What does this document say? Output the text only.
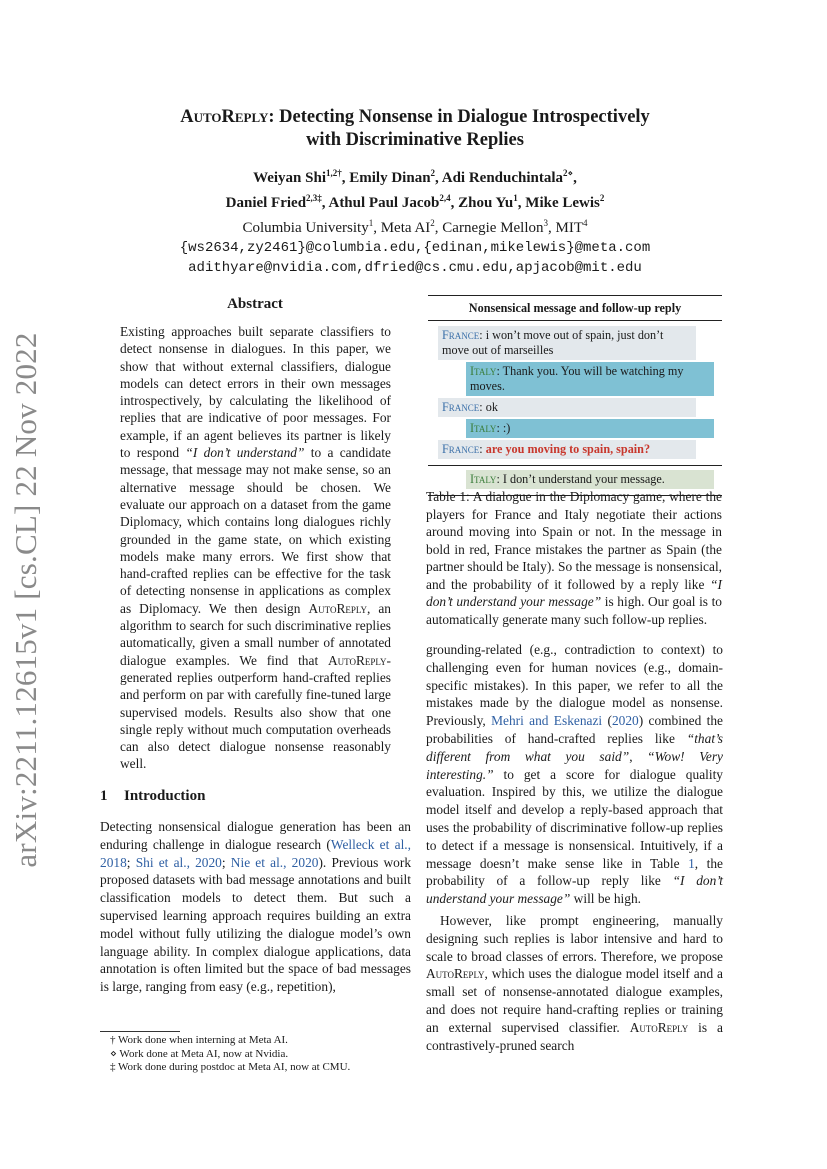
arXiv:2211.12615v1 [cs.CL] 22 Nov 2022
AutoReply: Detecting Nonsense in Dialogue Introspectively
with Discriminative Replies
Weiyan Shi$^{1,2\dagger}$, Emily Dinan$^2$, Adi Renduchintala$^{2⋄}$,
Daniel Fried$^{2,3\ddagger}$, Athul Paul Jacob$^{2,4}$, Zhou Yu$^1$, Mike Lewis$^2$
Columbia University$^1$, Meta $AI^2$, Carnegie Mellon$^3$, MIT$^4$
{ws2634,zy2461}@columbia.edu,{edinan,mikelewis}@meta.com
adithyare@nvidia.com,dfried@cs.cmu.edu,apjacob@mit.edu
Abstract
Existing approaches built separate classifiers to detect nonsense in dialogues. In this paper, we show that without external classifiers, dialogue models can detect errors in their own messages introspectively, by calculating the likelihood of replies that are indicative of poor messages. For example, if an agent believes its partner is likely to respond “I don’t understand” to a candidate message, that message may not make sense, so an alternative message should be chosen. We evaluate our approach on a dataset from the game Diplomacy, which contains long dialogues richly grounded in the game state, on which existing models make many errors. We first show that hand-crafted replies can be effective for the task of detecting nonsense in applications as complex as Diplomacy. We then design AutoReply, an algorithm to search for such discriminative replies automatically, given a small number of annotated dialogue examples. We find that AutoReply-generated replies outperform hand-crafted replies and perform on par with carefully fine-tuned large supervised models. Results also show that one single reply without much computation overheads can also detect dialogue nonsense reasonably well.
1 Introduction
Detecting nonsensical dialogue generation has been an enduring challenge in dialogue research (Welleck et al., 2018; Shi et al., 2020; Nie et al., 2020). Previous work proposed datasets with bad message annotations and built classification models to detect them. But such a supervised learning approach requires building an extra model without fully utilizing the dialogue model’s own language ability. In complex dialogue applications, data annotation is often limited but the space of bad messages is large, ranging from easy (e.g., repetition),
† Work done when interning at Meta AI.
⋄ Work done at Meta AI, now at Nvidia.
‡ Work done during postdoc at Meta AI, now at CMU.
Nonsensical message and follow-up reply
France: i won’t move out of spain, just don’t move out of marseilles
Italy: Thank you. You will be watching my moves.
France: ok
Italy: :)
France: are you moving to spain, spain?
Italy: I don’t understand your message.
Table 1: A dialogue in the Diplomacy game, where the players for France and Italy negotiate their actions around moving into Spain or not. In the message in bold in red, France mistakes the partner as Spain (the partner should be Italy). So the message is nonsensical, and the probability of it followed by a reply like “I don’t understand your message” is high. Our goal is to automatically generate many such follow-up replies.

grounding-related (e.g., contradiction to context) to challenging even for human novices (e.g., domain-specific mistakes). In this paper, we refer to all the mistakes made by the dialogue model as nonsense. Previously, Mehri and Eskenazi (2020) combined the probabilities of hand-crafted replies like “that’s different from what you said”, “Wow! Very interesting.” to get a score for dialogue quality evaluation. Inspired by this, we utilize the dialogue model itself and develop a reply-based approach that uses the probability of discriminative follow-up replies to detect if a message is nonsensical. Intuitively, if a message doesn’t make sense like in Table 1, the probability of a follow-up reply like “I don’t understand your message” will be high.

However, like prompt engineering, manually designing such replies is labor intensive and hard to scale to broad classes of errors. Therefore, we propose AutoReply, which uses the dialogue model itself and a small set of nonsense-annotated dialogue examples, and does not require hand-crafting replies or training an external supervised classifier. AutoReply is a contrastively-pruned search
